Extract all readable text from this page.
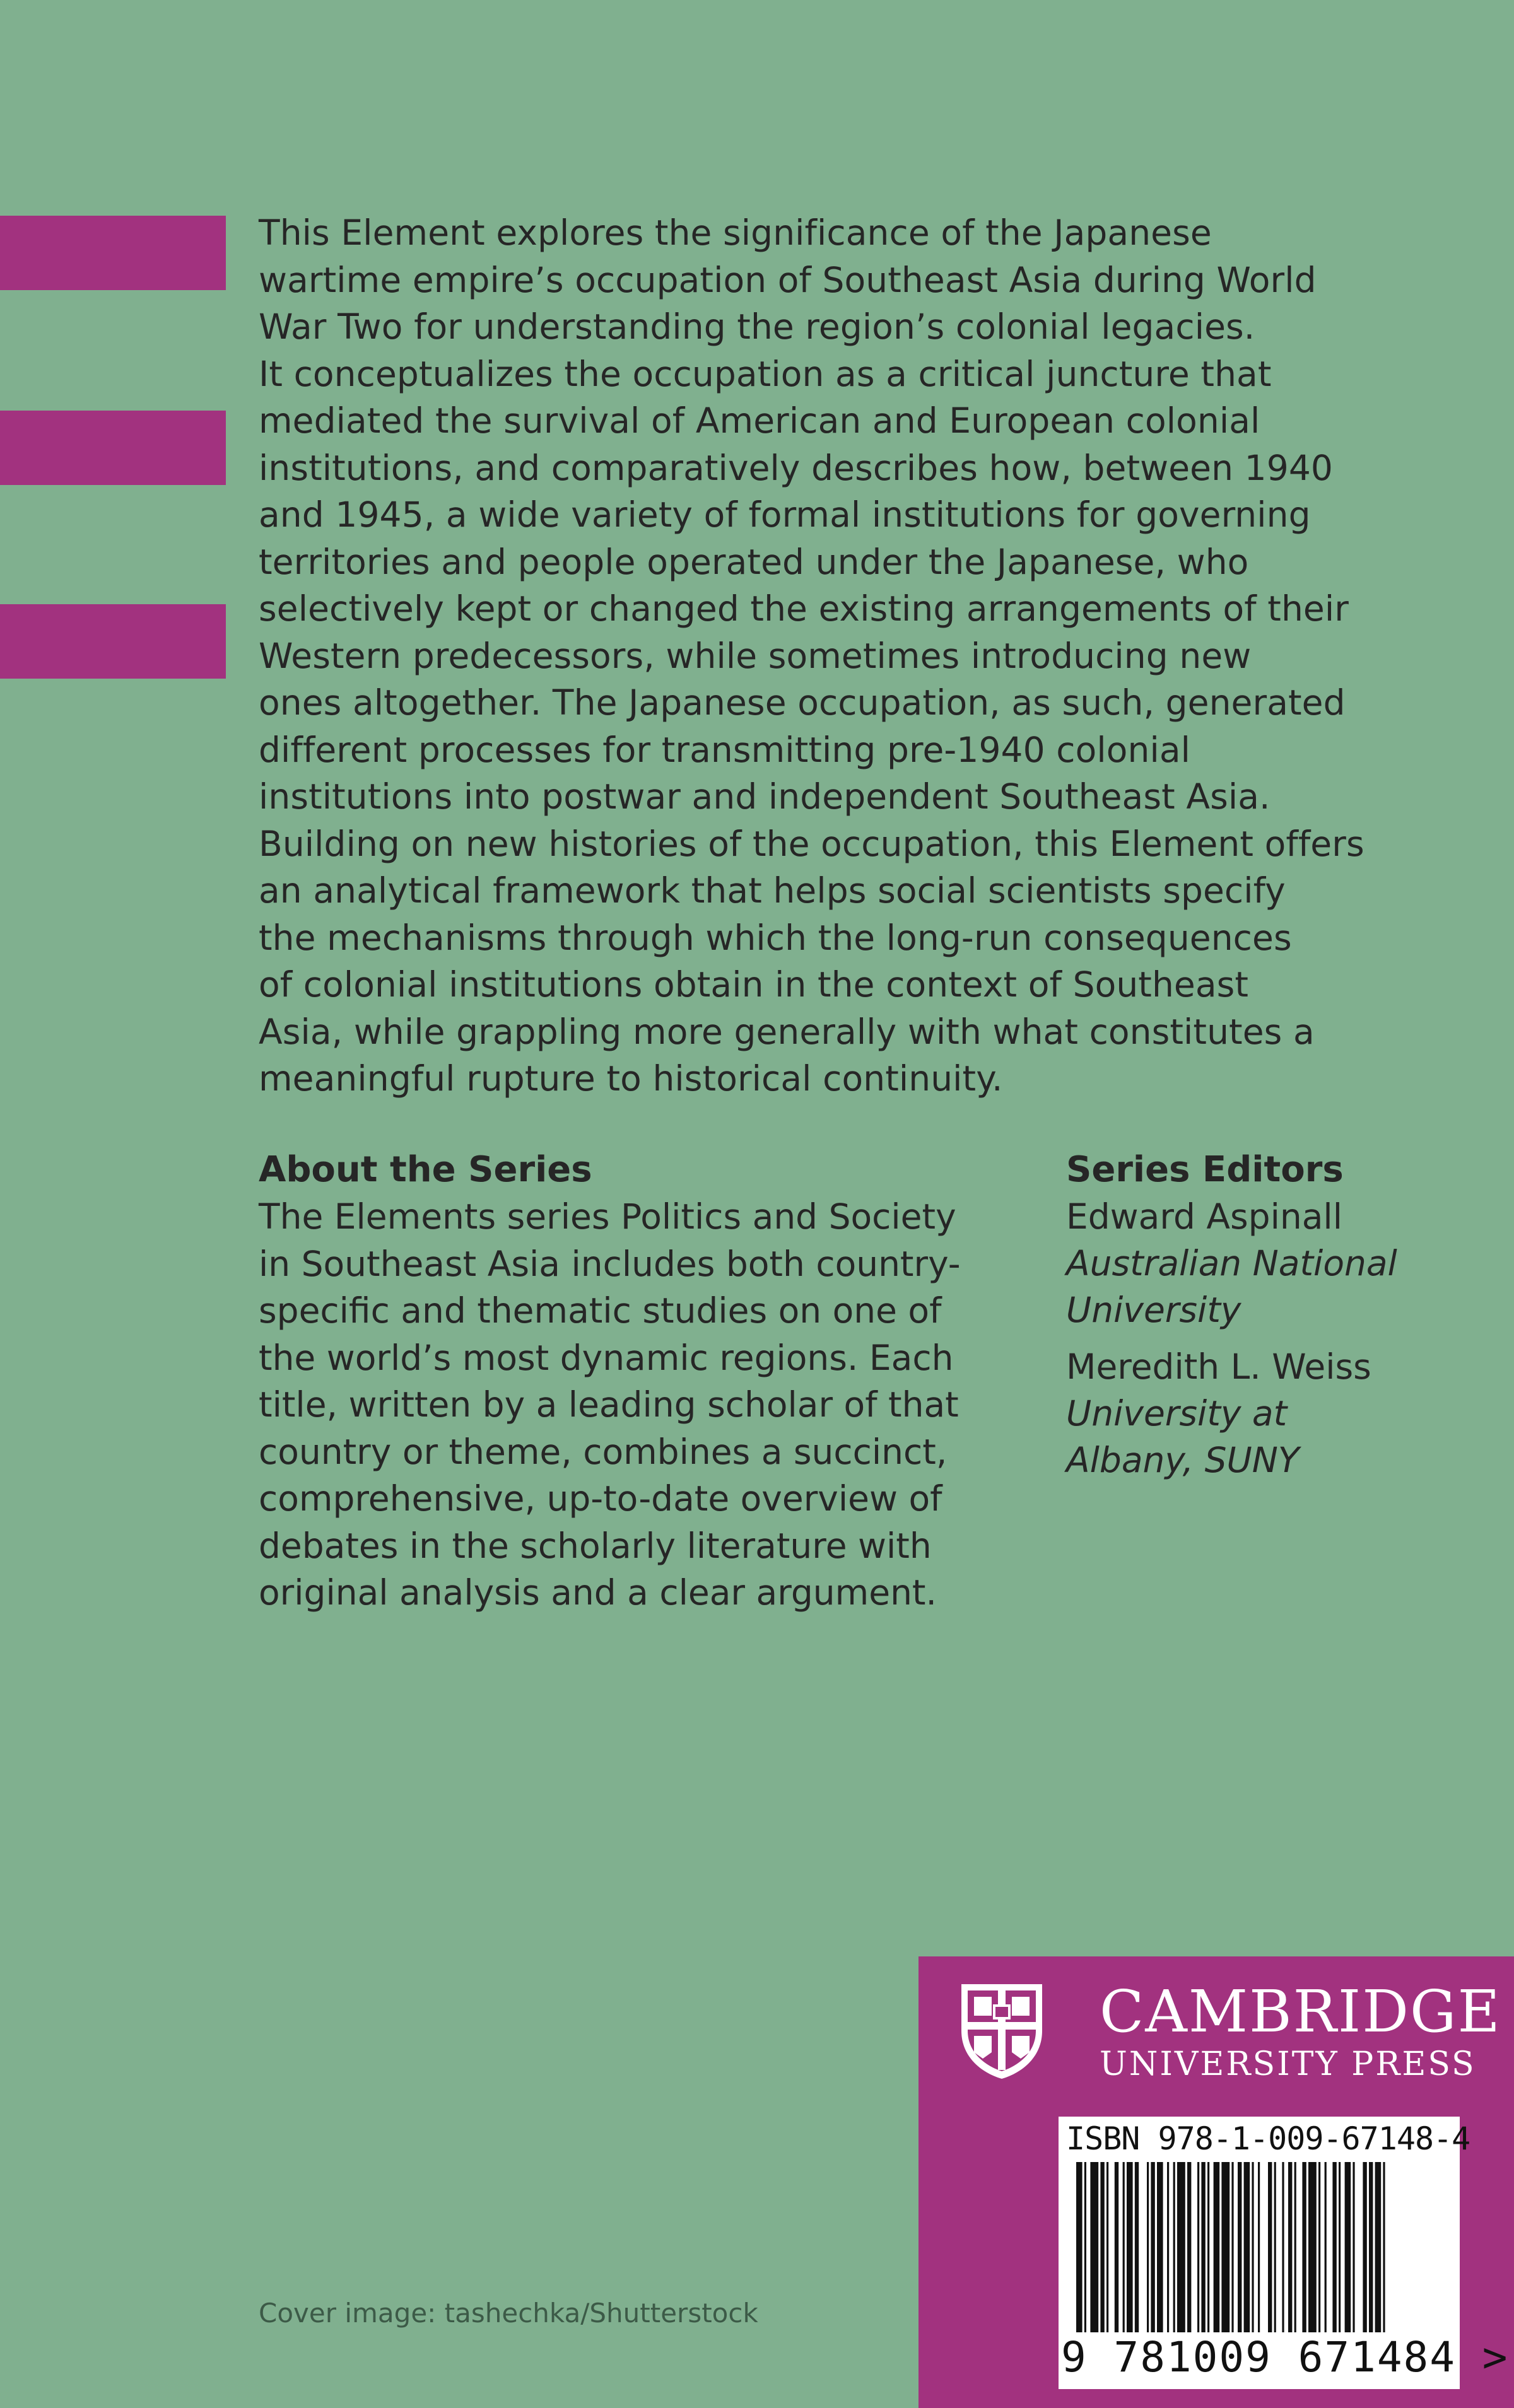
This Element explores the significance of the Japanese
wartime empire’s occupation of Southeast Asia during World
War Two for understanding the region’s colonial legacies.
It conceptualizes the occupation as a critical juncture that
mediated the survival of American and European colonial
institutions, and comparatively describes how, between 1940
and 1945, a wide variety of formal institutions for governing
territories and people operated under the Japanese, who
selectively kept or changed the existing arrangements of their
Western predecessors, while sometimes introducing new
ones altogether. The Japanese occupation, as such, generated
different processes for transmitting pre-1940 colonial
institutions into postwar and independent Southeast Asia.
Building on new histories of the occupation, this Element offers
an analytical framework that helps social scientists specify
the mechanisms through which the long-run consequences
of colonial institutions obtain in the context of Southeast
Asia, while grappling more generally with what constitutes a
meaningful rupture to historical continuity.

About the Series
The Elements series Politics and Society
in Southeast Asia includes both country-
specific and thematic studies on one of
the world’s most dynamic regions. Each
title, written by a leading scholar of that
country or theme, combines a succinct,
comprehensive, up-to-date overview of
debates in the scholarly literature with
original analysis and a clear argument.
Series Editors
Edward Aspinall
Australian National
University
Meredith L. Weiss
University at
Albany, SUNY
Cover image: tashechka/Shutterstock
CAMBRIDGE
UNIVERSITY PRESS
ISBN 978-1-009-67148-4
9 781009 671484 >
